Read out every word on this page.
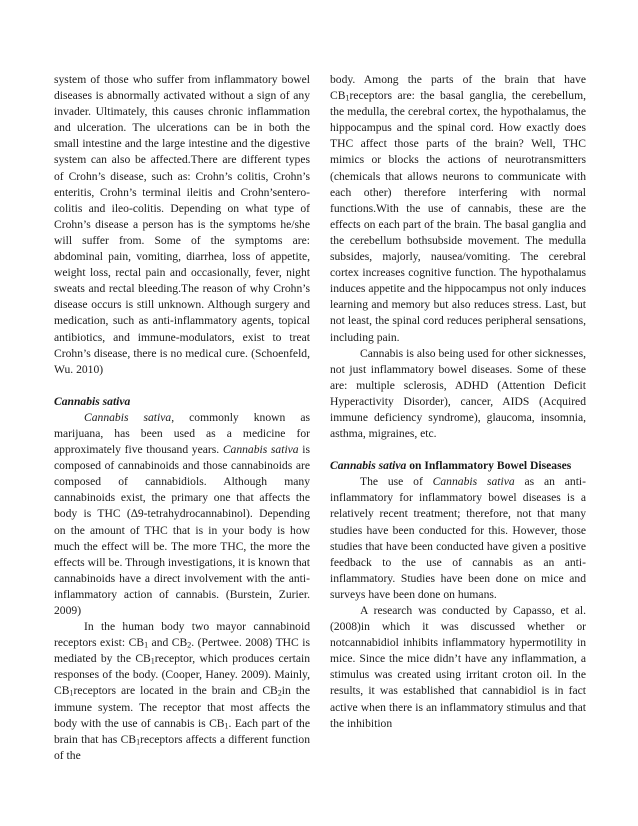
system of those who suffer from inflammatory bowel diseases is abnormally activated without a sign of any invader. Ultimately, this causes chronic inflammation and ulceration. The ulcerations can be in both the small intestine and the large intestine and the digestive system can also be affected.There are different types of Crohn’s disease, such as: Crohn’s colitis, Crohn’s enteritis, Crohn’s terminal ileitis and Crohn’sentero-colitis and ileo-colitis. Depending on what type of Crohn’s disease a person has is the symptoms he/she will suffer from. Some of the symptoms are: abdominal pain, vomiting, diarrhea, loss of appetite, weight loss, rectal pain and occasionally, fever, night sweats and rectal bleeding.The reason of why Crohn’s disease occurs is still unknown. Although surgery and medication, such as anti-inflammatory agents, topical antibiotics, and immune-modulators, exist to treat Crohn’s disease, there is no medical cure. (Schoenfeld, Wu. 2010)

Cannabis sativa

Cannabis sativa, commonly known as marijuana, has been used as a medicine for approximately five thousand years. Cannabis sativa is composed of cannabinoids and those cannabinoids are composed of cannabidiols. Although many cannabinoids exist, the primary one that affects the body is THC (∆9-tetrahydrocannabinol). Depending on the amount of THC that is in your body is how much the effect will be. The more THC, the more the effects will be. Through investigations, it is known that cannabinoids have a direct involvement with the anti-inflammatory action of cannabis. (Burstein, Zurier. 2009)

In the human body two mayor cannabinoid receptors exist: $CB_1$ and $CB_2$. (Pertwee. 2008) THC is mediated by the $CB_1receptor$, which produces certain responses of the body. (Cooper, Haney. 2009). Mainly, $CB_1receptors$ are located in the brain and $CB_2in$ the immune system. The receptor that most affects the body with the use of cannabis is $CB_1$. Each part of the brain that has $CB_1receptors$ affects a different function of the

body. Among the parts of the brain that have $CB_1receptors$ are: the basal ganglia, the cerebellum, the medulla, the cerebral cortex, the hypothalamus, the hippocampus and the spinal cord. How exactly does THC affect those parts of the brain? Well, THC mimics or blocks the actions of neurotransmitters (chemicals that allows neurons to communicate with each other) therefore interfering with normal functions.With the use of cannabis, these are the effects on each part of the brain. The basal ganglia and the cerebellum bothsubside movement. The medulla subsides, majorly, nausea/vomiting. The cerebral cortex increases cognitive function. The hypothalamus induces appetite and the hippocampus not only induces learning and memory but also reduces stress. Last, but not least, the spinal cord reduces peripheral sensations, including pain.

Cannabis is also being used for other sicknesses, not just inflammatory bowel diseases. Some of these are: multiple sclerosis, ADHD (Attention Deficit Hyperactivity Disorder), cancer, AIDS (Acquired immune deficiency syndrome), glaucoma, insomnia, asthma, migraines, etc.

Cannabis sativa on Inflammatory Bowel Diseases

The use of Cannabis sativa as an anti-inflammatory for inflammatory bowel diseases is a relatively recent treatment; therefore, not that many studies have been conducted for this. However, those studies that have been conducted have given a positive feedback to the use of cannabis as an anti-inflammatory. Studies have been done on mice and surveys have been done on humans.

A research was conducted by Capasso, et al. (2008)in which it was discussed whether or notcannabidiol inhibits inflammatory hypermotility in mice. Since the mice didn’t have any inflammation, a stimulus was created using irritant croton oil. In the results, it was established that cannabidiol is in fact active when there is an inflammatory stimulus and that the inhibition
